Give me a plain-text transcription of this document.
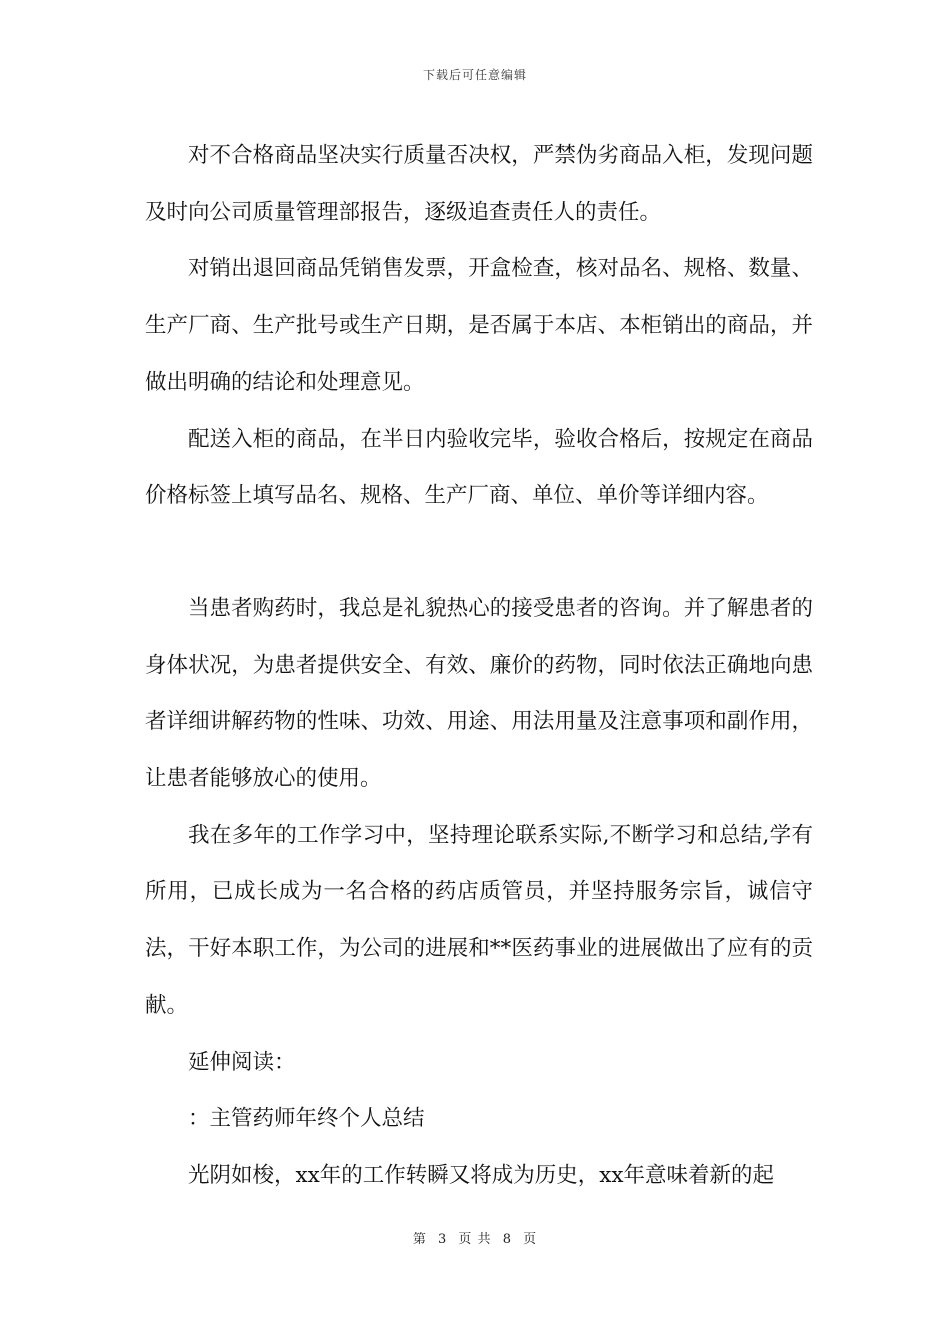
下载后可任意编辑

对不合格商品坚决实行质量否决权，严禁伪劣商品入柜，发现问题及时向公司质量管理部报告，逐级追查责任人的责任。

对销出退回商品凭销售发票，开盒检查，核对品名、规格、数量、生产厂商、生产批号或生产日期，是否属于本店、本柜销出的商品，并做出明确的结论和处理意见。

配送入柜的商品，在半日内验收完毕，验收合格后，按规定在商品价格标签上填写品名、规格、生产厂商、单位、单价等详细内容。

当患者购药时，我总是礼貌热心的接受患者的咨询。并了解患者的身体状况，为患者提供安全、有效、廉价的药物，同时依法正确地向患者详细讲解药物的性味、功效、用途、用法用量及注意事项和副作用，让患者能够放心的使用。

我在多年的工作学习中，坚持理论联系实际,不断学习和总结,学有所用，已成长成为一名合格的药店质管员，并坚持服务宗旨，诚信守法，干好本职工作，为公司的进展和**医药事业的进展做出了应有的贡献。

延伸阅读：

：主管药师年终个人总结

光阴如梭，xx年的工作转瞬又将成为历史，xx年意味着新的起

第 3 页 共 8 页
